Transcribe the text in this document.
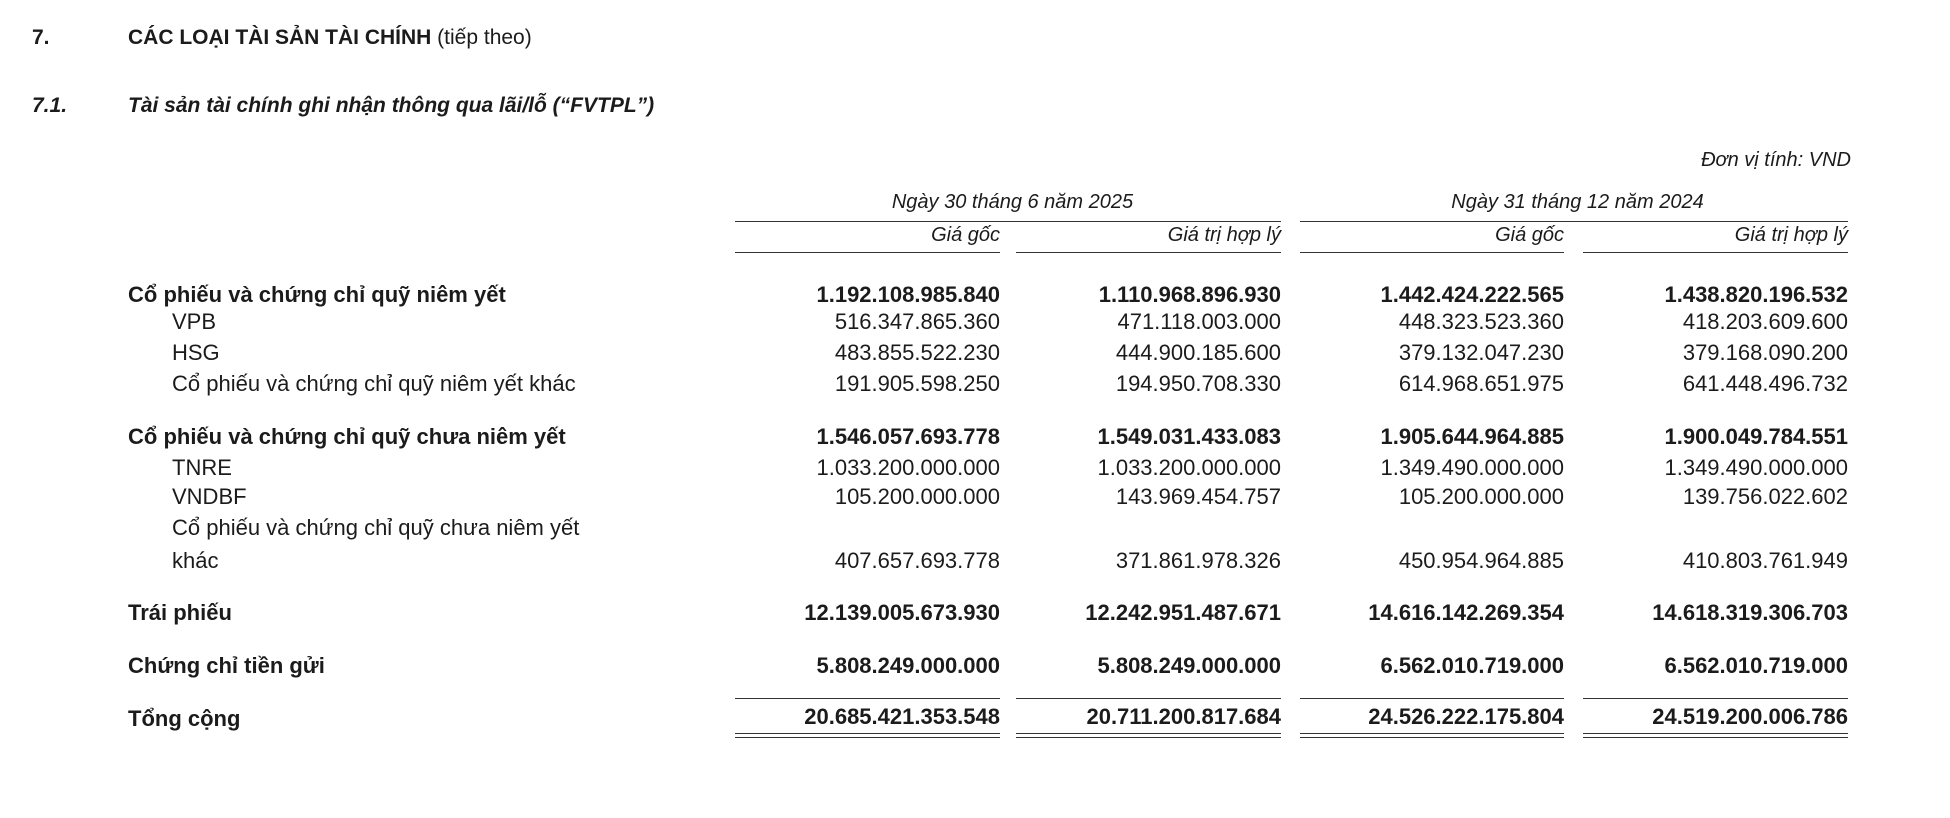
7.	CÁC LOẠI TÀI SẢN TÀI CHÍNH (tiếp theo)
7.1.	Tài sản tài chính ghi nhận thông qua lãi/lỗ (“FVTPL”)
Đơn vị tính: VND
Ngày 30 tháng 6 năm 2025	Ngày 31 tháng 12 năm 2024
Giá gốc	Giá trị hợp lý	Giá gốc	Giá trị hợp lý
Cổ phiếu và chứng chỉ quỹ niêm yết	1.192.108.985.840	1.110.968.896.930	1.442.424.222.565	1.438.820.196.532
VPB	516.347.865.360	471.118.003.000	448.323.523.360	418.203.609.600
HSG	483.855.522.230	444.900.185.600	379.132.047.230	379.168.090.200
Cổ phiếu và chứng chỉ quỹ niêm yết khác	191.905.598.250	194.950.708.330	614.968.651.975	641.448.496.732
Cổ phiếu và chứng chỉ quỹ chưa niêm yết	1.546.057.693.778	1.549.031.433.083	1.905.644.964.885	1.900.049.784.551
TNRE	1.033.200.000.000	1.033.200.000.000	1.349.490.000.000	1.349.490.000.000
VNDBF	105.200.000.000	143.969.454.757	105.200.000.000	139.756.022.602
Cổ phiếu và chứng chỉ quỹ chưa niêm yết
khác	407.657.693.778	371.861.978.326	450.954.964.885	410.803.761.949
Trái phiếu	12.139.005.673.930	12.242.951.487.671	14.616.142.269.354	14.618.319.306.703
Chứng chỉ tiền gửi	5.808.249.000.000	5.808.249.000.000	6.562.010.719.000	6.562.010.719.000
Tổng cộng	20.685.421.353.548	20.711.200.817.684	24.526.222.175.804	24.519.200.006.786
